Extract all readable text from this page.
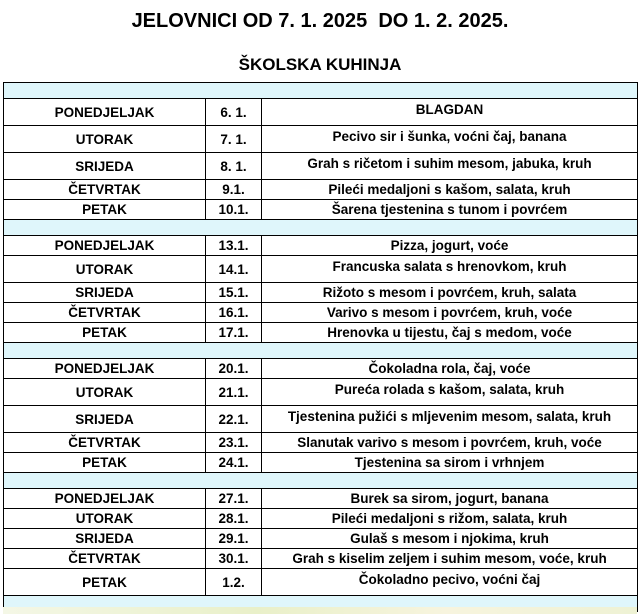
JELOVNICI OD 7. 1. 2025  DO 1. 2. 2025.
ŠKOLSKA KUHINJA

PONEDJELJAK	6. 1.	BLAGDAN
UTORAK	7. 1.	Pecivo sir i šunka, voćni čaj, banana
SRIJEDA	8. 1.	Grah s ričetom i suhim mesom, jabuka, kruh
ČETVRTAK	9.1.	Pileći medaljoni s kašom, salata, kruh
PETAK	10.1.	Šarena tjestenina s tunom i povrćem

PONEDJELJAK	13.1.	Pizza, jogurt, voće
UTORAK	14.1.	Francuska salata s hrenovkom, kruh
SRIJEDA	15.1.	Rižoto s mesom i povrćem, kruh, salata
ČETVRTAK	16.1.	Varivo s mesom i povrćem, kruh, voće
PETAK	17.1.	Hrenovka u tijestu, čaj s medom, voće

PONEDJELJAK	20.1.	Čokoladna rola, čaj, voće
UTORAK	21.1.	Pureća rolada s kašom, salata, kruh
SRIJEDA	22.1.	Tjestenina pužići s mljevenim mesom, salata, kruh
ČETVRTAK	23.1.	Slanutak varivo s mesom i povrćem, kruh, voće
PETAK	24.1.	Tjestenina sa sirom i vrhnjem

PONEDJELJAK	27.1.	Burek sa sirom, jogurt, banana
UTORAK	28.1.	Pileći medaljoni s rižom, salata, kruh
SRIJEDA	29.1.	Gulaš s mesom i njokima, kruh
ČETVRTAK	30.1.	Grah s kiselim zeljem i suhim mesom, voće, kruh
PETAK	1.2.	Čokoladno pecivo, voćni čaj
